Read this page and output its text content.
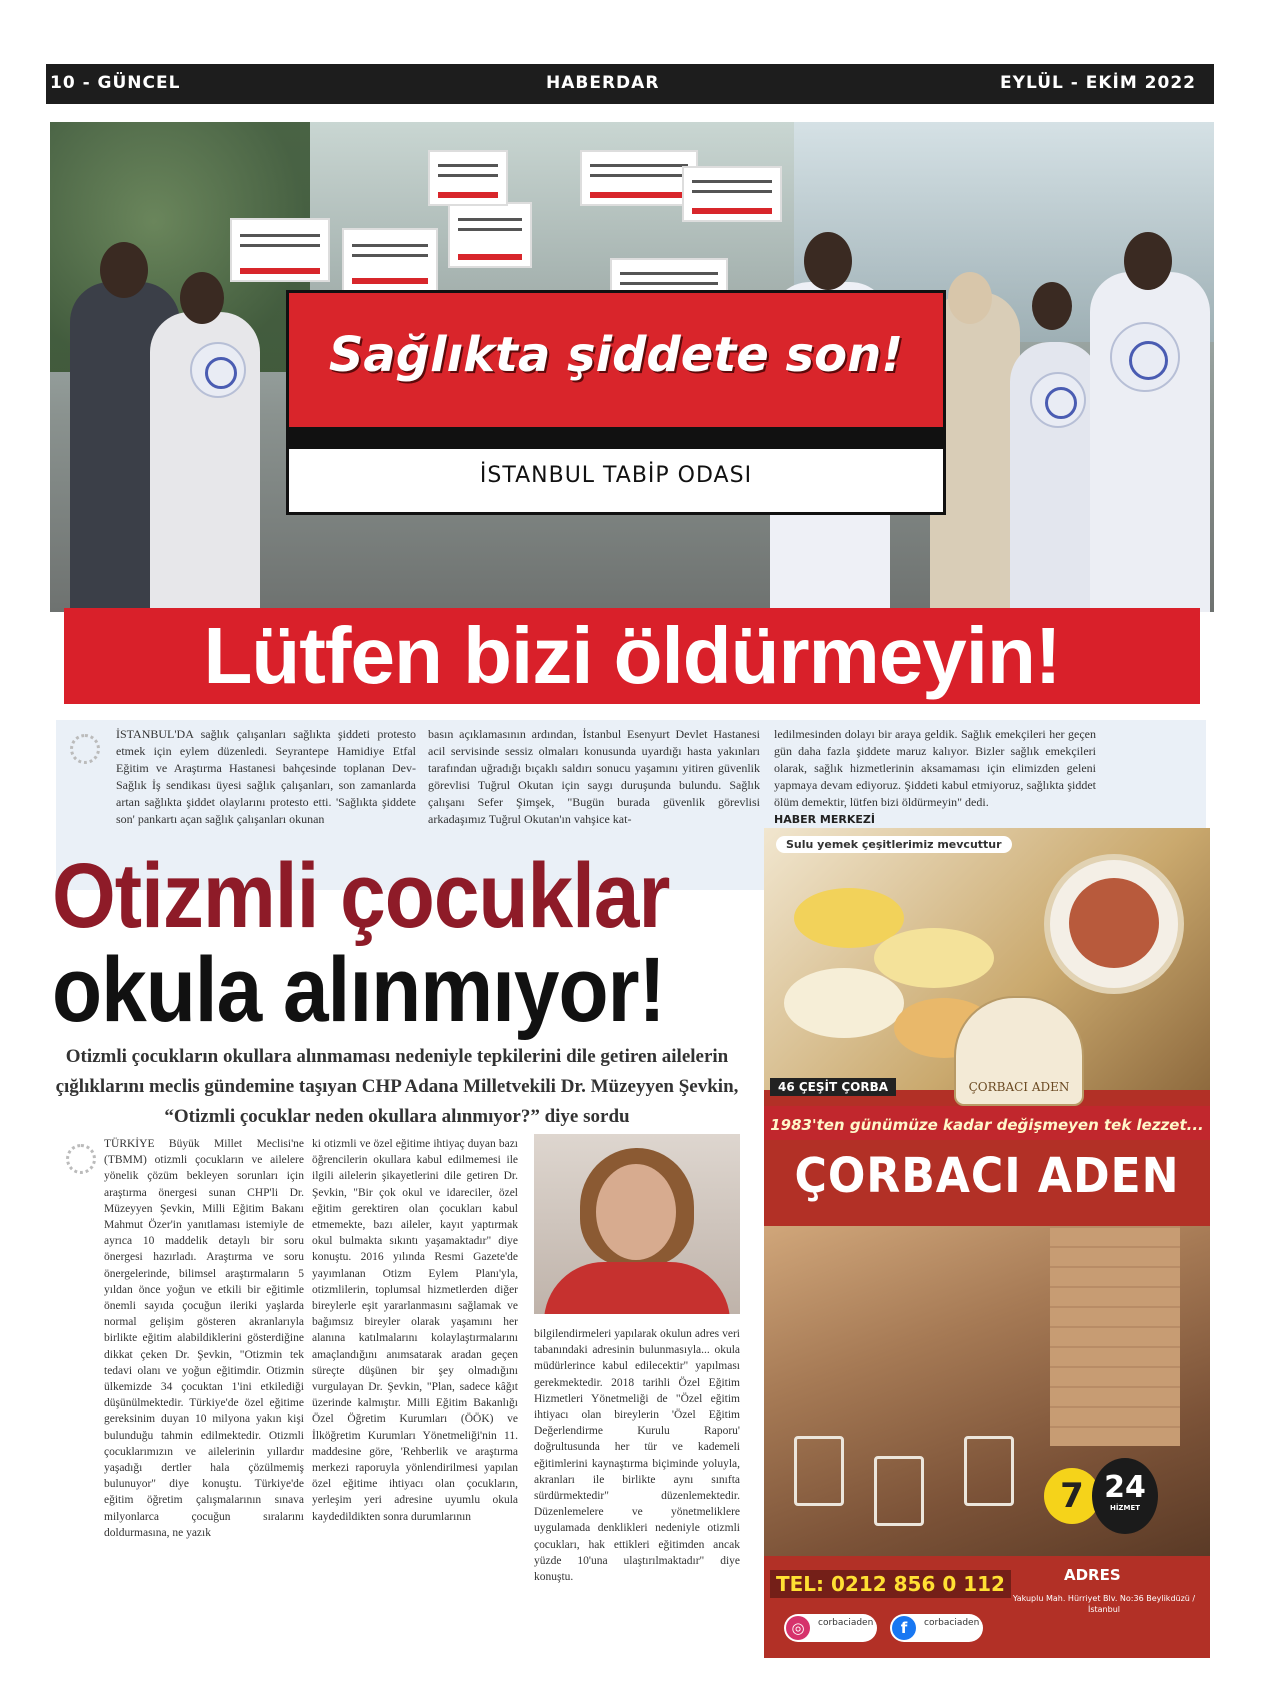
10 - GÜNCEL	HABERDAR	EYLÜL - EKİM 2022
Sağlıkta şiddete son!
İSTANBUL TABİP ODASI
Lütfen bizi öldürmeyin!
İSTANBUL'DA sağlık çalışanları sağlıkta şiddeti protesto etmek için eylem düzenledi. Seyrantepe Hamidiye Etfal Eğitim ve Araştırma Hastanesi bahçesinde toplanan Dev-Sağlık İş sendikası üyesi sağlık çalışanları, son zamanlarda artan sağlıkta şiddet olaylarını protesto etti. 'Sağlıkta şiddete son' pankartı açan sağlık çalışanları okunan
basın açıklamasının ardından, İstanbul Esenyurt Devlet Hastanesi acil servisinde sessiz olmaları konusunda uyardığı hasta yakınları tarafından uğradığı bıçaklı saldırı sonucu yaşamını yitiren güvenlik görevlisi Tuğrul Okutan için saygı duruşunda bulundu. Sağlık çalışanı Sefer Şimşek, "Bugün burada güvenlik görevlisi arkadaşımız Tuğrul Okutan'ın vahşice kat-
ledilmesinden dolayı bir araya geldik. Sağlık emekçileri her geçen gün daha fazla şiddete maruz kalıyor. Bizler sağlık emekçileri olarak, sağlık hizmetlerinin aksamaması için elimizden geleni yapmaya devam ediyoruz. Şiddeti kabul etmiyoruz, sağlıkta şiddet ölüm demektir, lütfen bizi öldürmeyin" dedi.
HABER MERKEZİ
Otizmli çocuklar
okula alınmıyor!
Otizmli çocukların okullara alınmaması nedeniyle tepkilerini dile getiren ailelerin çığlıklarını meclis gündemine taşıyan CHP Adana Milletvekili Dr. Müzeyyen Şevkin, “Otizmli çocuklar neden okullara alınmıyor?” diye sordu
TÜRKİYE Büyük Millet Meclisi'ne (TBMM) otizmli çocukların ve ailelere yönelik çözüm bekleyen sorunları için araştırma önergesi sunan CHP'li Dr. Müzeyyen Şevkin, Milli Eğitim Bakanı Mahmut Özer'in yanıtlaması istemiyle de ayrıca 10 maddelik detaylı bir soru önergesi hazırladı. Araştırma ve soru önergelerinde, bilimsel araştırmaların 5 yıldan önce yoğun ve etkili bir eğitimle önemli sayıda çocuğun ileriki yaşlarda normal gelişim gösteren akranlarıyla birlikte eğitim alabildiklerini gösterdiğine dikkat çeken Dr. Şevkin, "Otizmin tek tedavi olanı ve yoğun eğitimdir. Otizmin ülkemizde 34 çocuktan 1'ini etkilediği düşünülmektedir. Türkiye'de özel eğitime gereksinim duyan 10 milyona yakın kişi bulunduğu tahmin edilmektedir. Otizmli çocuklarımızın ve ailelerinin yıllardır yaşadığı dertler hala çözülmemiş bulunuyor" diye konuştu. Türkiye'de eğitim öğretim çalışmalarının sınava milyonlarca çocuğun sıralarını doldurmasına, ne yazık
ki otizmli ve özel eğitime ihtiyaç duyan bazı öğrencilerin okullara kabul edilmemesi ile ilgili ailelerin şikayetlerini dile getiren Dr. Şevkin, "Bir çok okul ve idareciler, özel eğitim gerektiren olan çocukları kabul etmemekte, bazı aileler, kayıt yaptırmak okul bulmakta sıkıntı yaşamaktadır" diye konuştu. 2016 yılında Resmi Gazete'de yayımlanan Otizm Eylem Planı'yla, otizmlilerin, toplumsal hizmetlerden diğer bireylerle eşit yararlanmasını sağlamak ve bağımsız bireyler olarak yaşamını her alanına katılmalarını kolaylaştırmalarını amaçlandığını anımsatarak aradan geçen süreçte düşünen bir şey olmadığını vurgulayan Dr. Şevkin, "Plan, sadece kâğıt üzerinde kalmıştır. Milli Eğitim Bakanlığı Özel Öğretim Kurumları (ÖÖK) ve İlköğretim Kurumları Yönetmeliği'nin 11. maddesine göre, 'Rehberlik ve araştırma merkezi raporuyla yönlendirilmesi yapılan özel eğitime ihtiyacı olan çocukların, yerleşim yeri adresine uyumlu okula kaydedildikten sonra durumlarının
bilgilendirmeleri yapılarak okulun adres veri tabanındaki adresinin bulunmasıyla... okula müdürlerince kabul edilecektir" yapılması gerekmektedir. 2018 tarihli Özel Eğitim Hizmetleri Yönetmeliği de "Özel eğitim ihtiyacı olan bireylerin 'Özel Eğitim Değerlendirme Kurulu Raporu' doğrultusunda her tür ve kademeli eğitimlerini kaynaştırma biçiminde yoluyla, akranları ile birlikte aynı sınıfta sürdürmektedir" düzenlemektedir. Düzenlemelere ve yönetmeliklere uygulamada denklikleri nedeniyle otizmli çocukları, hak ettikleri eğitimden ancak yüzde 10'una ulaştırılmaktadır" diye konuştu.
ÇORBACI ADEN
Sulu yemek çeşitlerimiz mevcuttur
46 ÇEŞİT ÇORBA
1983'ten günümüze kadar değişmeyen tek lezzet...
ÇORBACI ADEN
7 24
HİZMET
TEL: 0212 856 0 112	ADRES
Yakuplu Mah. Hürriyet Blv. No:36 Beylikdüzü / İstanbul
◎	corbaciaden	f	corbaciaden
